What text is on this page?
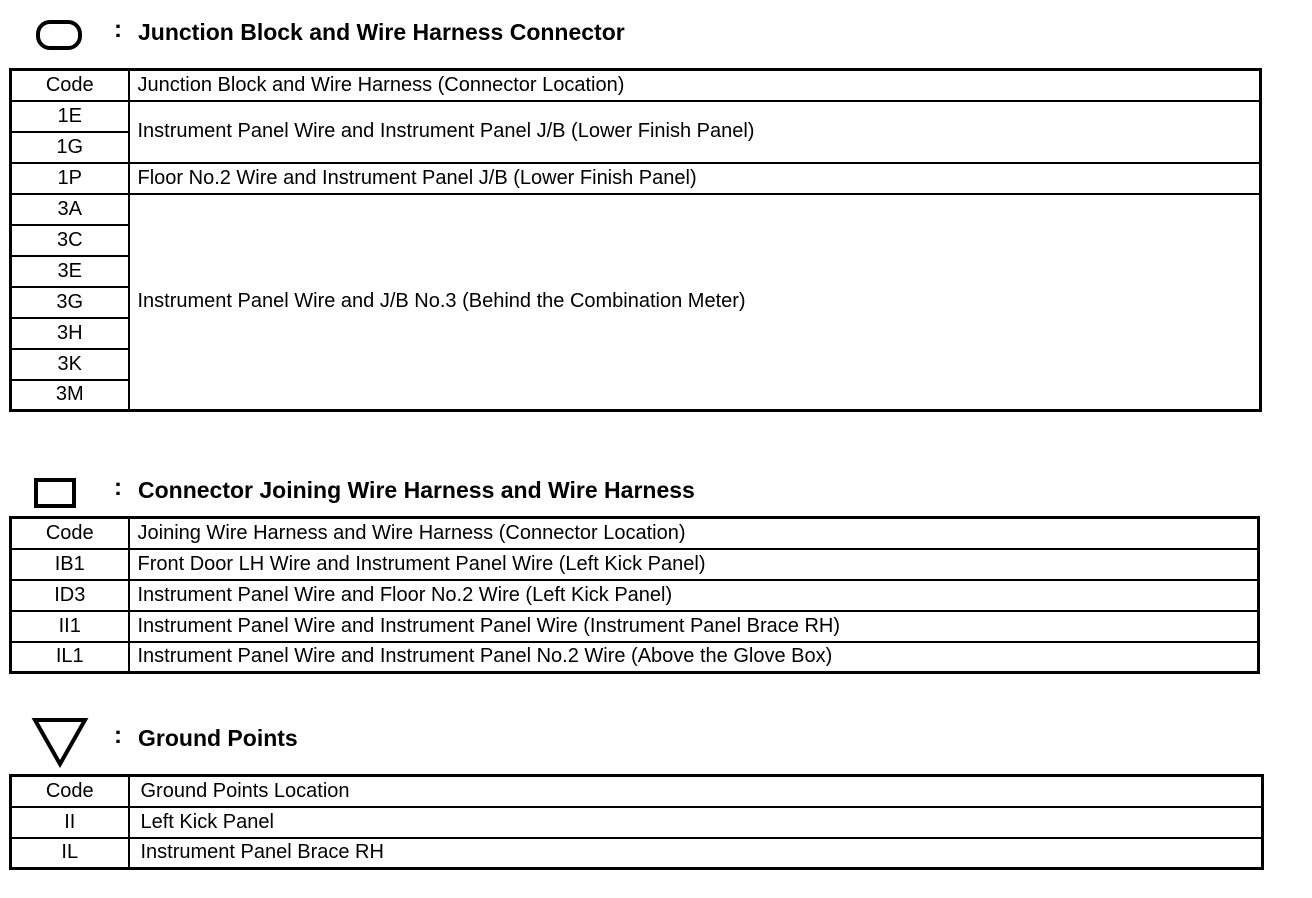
: Junction Block and Wire Harness Connector
Code	Junction Block and Wire Harness (Connector Location)
1E	Instrument Panel Wire and Instrument Panel J/B (Lower Finish Panel)
1G	
1P	Floor No.2 Wire and Instrument Panel J/B (Lower Finish Panel)
3A	Instrument Panel Wire and J/B No.3 (Behind the Combination Meter)
3C	
3E	
3G	
3H	
3K	
3M	
: Connector Joining Wire Harness and Wire Harness
Code	Joining Wire Harness and Wire Harness (Connector Location)
IB1	Front Door LH Wire and Instrument Panel Wire (Left Kick Panel)
ID3	Instrument Panel Wire and Floor No.2 Wire (Left Kick Panel)
II1	Instrument Panel Wire and Instrument Panel Wire (Instrument Panel Brace RH)
IL1	Instrument Panel Wire and Instrument Panel No.2 Wire (Above the Glove Box)
: Ground Points
Code	Ground Points Location
II	Left Kick Panel
IL	Instrument Panel Brace RH
